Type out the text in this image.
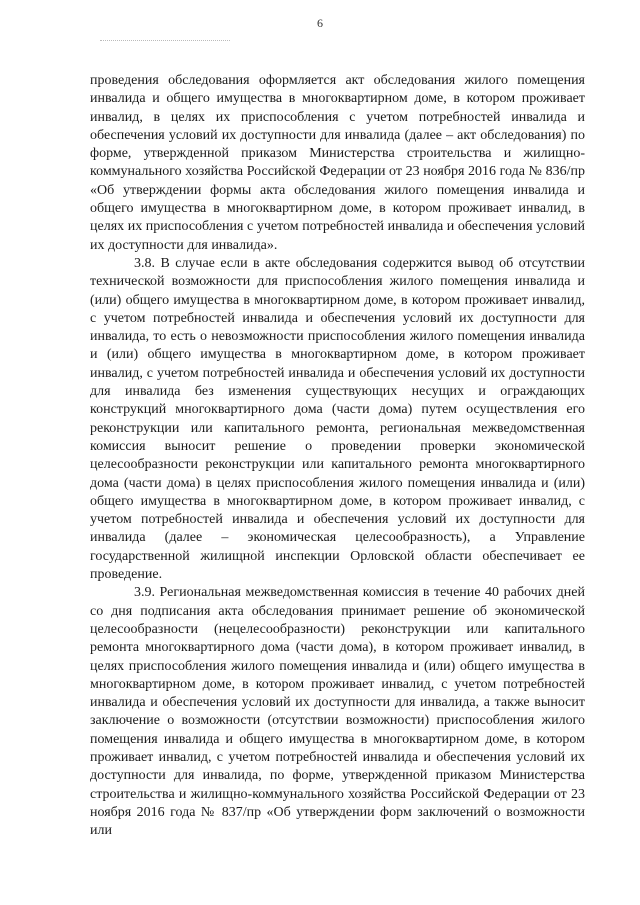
6

проведения обследования оформляется акт обследования жилого помещения инвалида и общего имущества в многоквартирном доме, в котором проживает инвалид, в целях их приспособления с учетом потребностей инвалида и обеспечения условий их доступности для инвалида (далее – акт обследования) по форме, утвержденной приказом Министерства строительства и жилищно-коммунального хозяйства Российской Федерации от 23 ноября 2016 года № 836/пр «Об утверждении формы акта обследования жилого помещения инвалида и общего имущества в многоквартирном доме, в котором проживает инвалид, в целях их приспособления с учетом потребностей инвалида и обеспечения условий их доступности для инвалида».

3.8. В случае если в акте обследования содержится вывод об отсутствии технической возможности для приспособления жилого помещения инвалида и (или) общего имущества в многоквартирном доме, в котором проживает инвалид, с учетом потребностей инвалида и обеспечения условий их доступности для инвалида, то есть о невозможности приспособления жилого помещения инвалида и (или) общего имущества в многоквартирном доме, в котором проживает инвалид, с учетом потребностей инвалида и обеспечения условий их доступности для инвалида без изменения существующих несущих и ограждающих конструкций многоквартирного дома (части дома) путем осуществления его реконструкции или капитального ремонта, региональная межведомственная комиссия выносит решение о проведении проверки экономической целесообразности реконструкции или капитального ремонта многоквартирного дома (части дома) в целях приспособления жилого помещения инвалида и (или) общего имущества в многоквартирном доме, в котором проживает инвалид, с учетом потребностей инвалида и обеспечения условий их доступности для инвалида (далее – экономическая целесообразность), а Управление государственной жилищной инспекции Орловской области обеспечивает ее проведение.

3.9. Региональная межведомственная комиссия в течение 40 рабочих дней со дня подписания акта обследования принимает решение об экономической целесообразности (нецелесообразности) реконструкции или капитального ремонта многоквартирного дома (части дома), в котором проживает инвалид, в целях приспособления жилого помещения инвалида и (или) общего имущества в многоквартирном доме, в котором проживает инвалид, с учетом потребностей инвалида и обеспечения условий их доступности для инвалида, а также выносит заключение о возможности (отсутствии возможности) приспособления жилого помещения инвалида и общего имущества в многоквартирном доме, в котором проживает инвалид, с учетом потребностей инвалида и обеспечения условий их доступности для инвалида, по форме, утвержденной приказом Министерства строительства и жилищно-коммунального хозяйства Российской Федерации от 23 ноября 2016 года № 837/пр «Об утверждении форм заключений о возможности или
